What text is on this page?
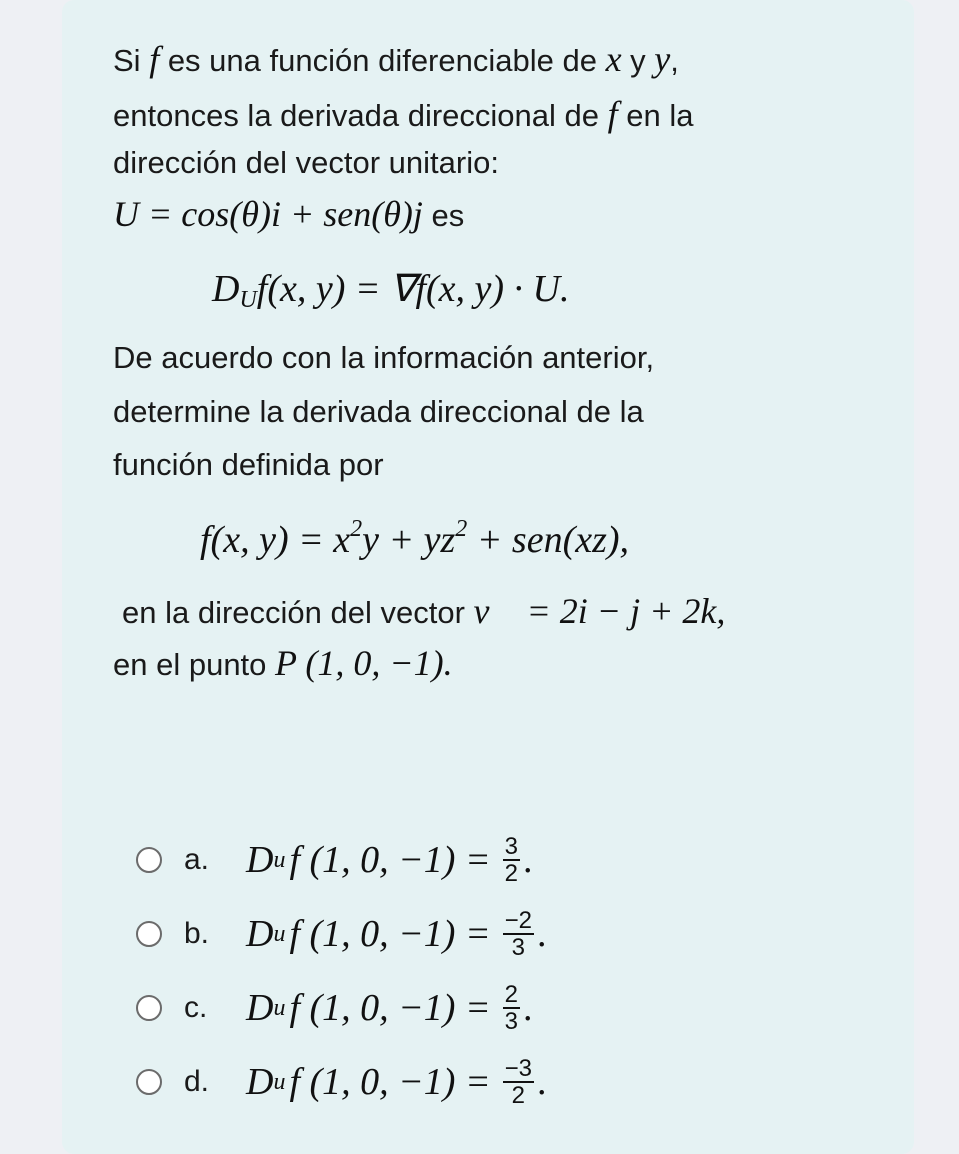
Si f es una función diferenciable de x y y,
entonces la derivada direccional de f en la
dirección del vector unitario:
U = cos(θ)i + sen(θ)j es
$D_Uf(x$, y) = ∇f(x, y) · U.
De acuerdo con la información anterior,
determine la derivada direccional de la
función definida por
f(x, $y) = x^2y + yz^2 + sen(xz)$,
en la dirección del vector v⃗ = 2i − j + 2k,
en el punto P (1, 0, −1).
a. D u f (1, 0, $-1) = \frac{3}{2}$ .
b. D u f (1, 0, $-1) = \frac{-2}{3}$ .
c.	D u f (1, 0, $-1) = \frac{2}{3}$ .
d. D u f (1, 0, $-1) = \frac{-3}{2}$ .
